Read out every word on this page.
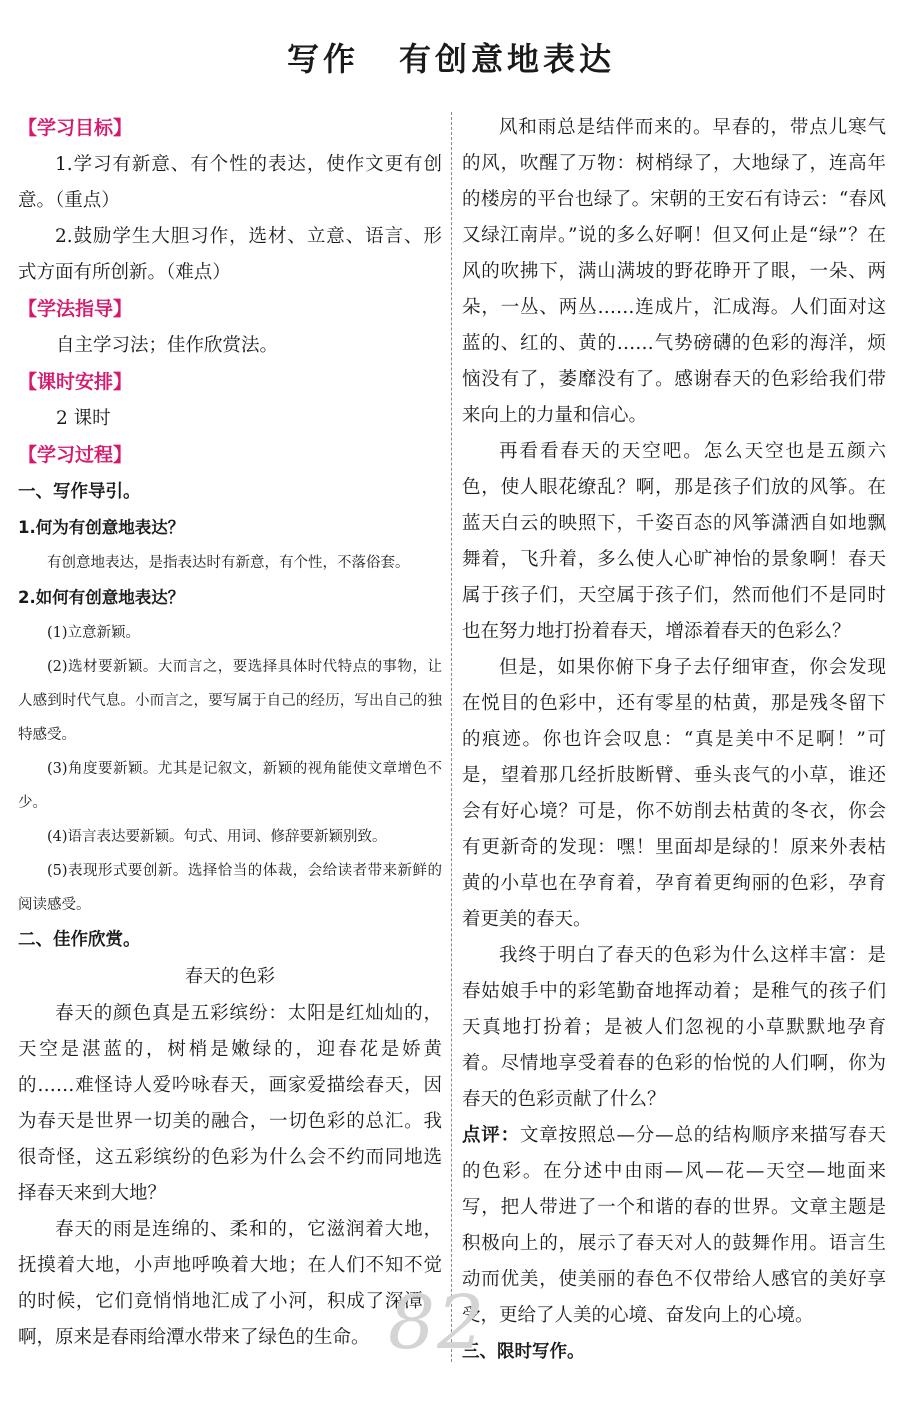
写作 有创意地表达

【学习目标】

1.学习有新意、有个性的表达，使作文更有创意。（重点）

2.鼓励学生大胆习作，选材、立意、语言、形式方面有所创新。（难点）

【学法指导】

自主学习法；佳作欣赏法。

【课时安排】

2 课时

【学习过程】

一、写作导引。

1.何为有创意地表达？

有创意地表达，是指表达时有新意，有个性，不落俗套。

2.如何有创意地表达？

(1)立意新颖。

(2)选材要新颖。大而言之，要选择具体时代特点的事物，让人感到时代气息。小而言之，要写属于自己的经历，写出自己的独特感受。

(3)角度要新颖。尤其是记叙文，新颖的视角能使文章增色不少。

(4)语言表达要新颖。句式、用词、修辞要新颖别致。

(5)表现形式要创新。选择恰当的体裁，会给读者带来新鲜的阅读感受。

二、佳作欣赏。

春天的色彩

春天的颜色真是五彩缤纷：太阳是红灿灿的，天空是湛蓝的，树梢是嫩绿的，迎春花是娇黄的……难怪诗人爱吟咏春天，画家爱描绘春天，因为春天是世界一切美的融合，一切色彩的总汇。我很奇怪，这五彩缤纷的色彩为什么会不约而同地选择春天来到大地？

春天的雨是连绵的、柔和的，它滋润着大地，抚摸着大地，小声地呼唤着大地；在人们不知不觉的时候，它们竟悄悄地汇成了小河，积成了深潭，啊，原来是春雨给潭水带来了绿色的生命。

风和雨总是结伴而来的。早春的，带点儿寒气的风，吹醒了万物：树梢绿了，大地绿了，连高年的楼房的平台也绿了。宋朝的王安石有诗云：“春风又绿江南岸。”说的多么好啊！但又何止是“绿”？在风的吹拂下，满山满坡的野花睁开了眼，一朵、两朵，一丛、两丛……连成片，汇成海。人们面对这蓝的、红的、黄的……气势磅礴的色彩的海洋，烦恼没有了，萎靡没有了。感谢春天的色彩给我们带来向上的力量和信心。

再看看春天的天空吧。怎么天空也是五颜六色，使人眼花缭乱？啊，那是孩子们放的风筝。在蓝天白云的映照下，千姿百态的风筝潇洒自如地飘舞着，飞升着，多么使人心旷神怡的景象啊！春天属于孩子们，天空属于孩子们，然而他们不是同时也在努力地打扮着春天，增添着春天的色彩么？

但是，如果你俯下身子去仔细审查，你会发现在悦目的色彩中，还有零星的枯黄，那是残冬留下的痕迹。你也许会叹息：“真是美中不足啊！”可是，望着那几经折肢断臂、垂头丧气的小草，谁还会有好心境？可是，你不妨削去枯黄的冬衣，你会有更新奇的发现：嘿！里面却是绿的！原来外表枯黄的小草也在孕育着，孕育着更绚丽的色彩，孕育着更美的春天。

我终于明白了春天的色彩为什么这样丰富：是春姑娘手中的彩笔勤奋地挥动着；是稚气的孩子们天真地打扮着；是被人们忽视的小草默默地孕育着。尽情地享受着春的色彩的怡悦的人们啊，你为春天的色彩贡献了什么？

点评：文章按照总—分—总的结构顺序来描写春天的色彩。在分述中由雨—风—花—天空—地面来写，把人带进了一个和谐的春的世界。文章主题是积极向上的，展示了春天对人的鼓舞作用。语言生动而优美，使美丽的春色不仅带给人感官的美好享受，更给了人美的心境、奋发向上的心境。

三、限时写作。

82
